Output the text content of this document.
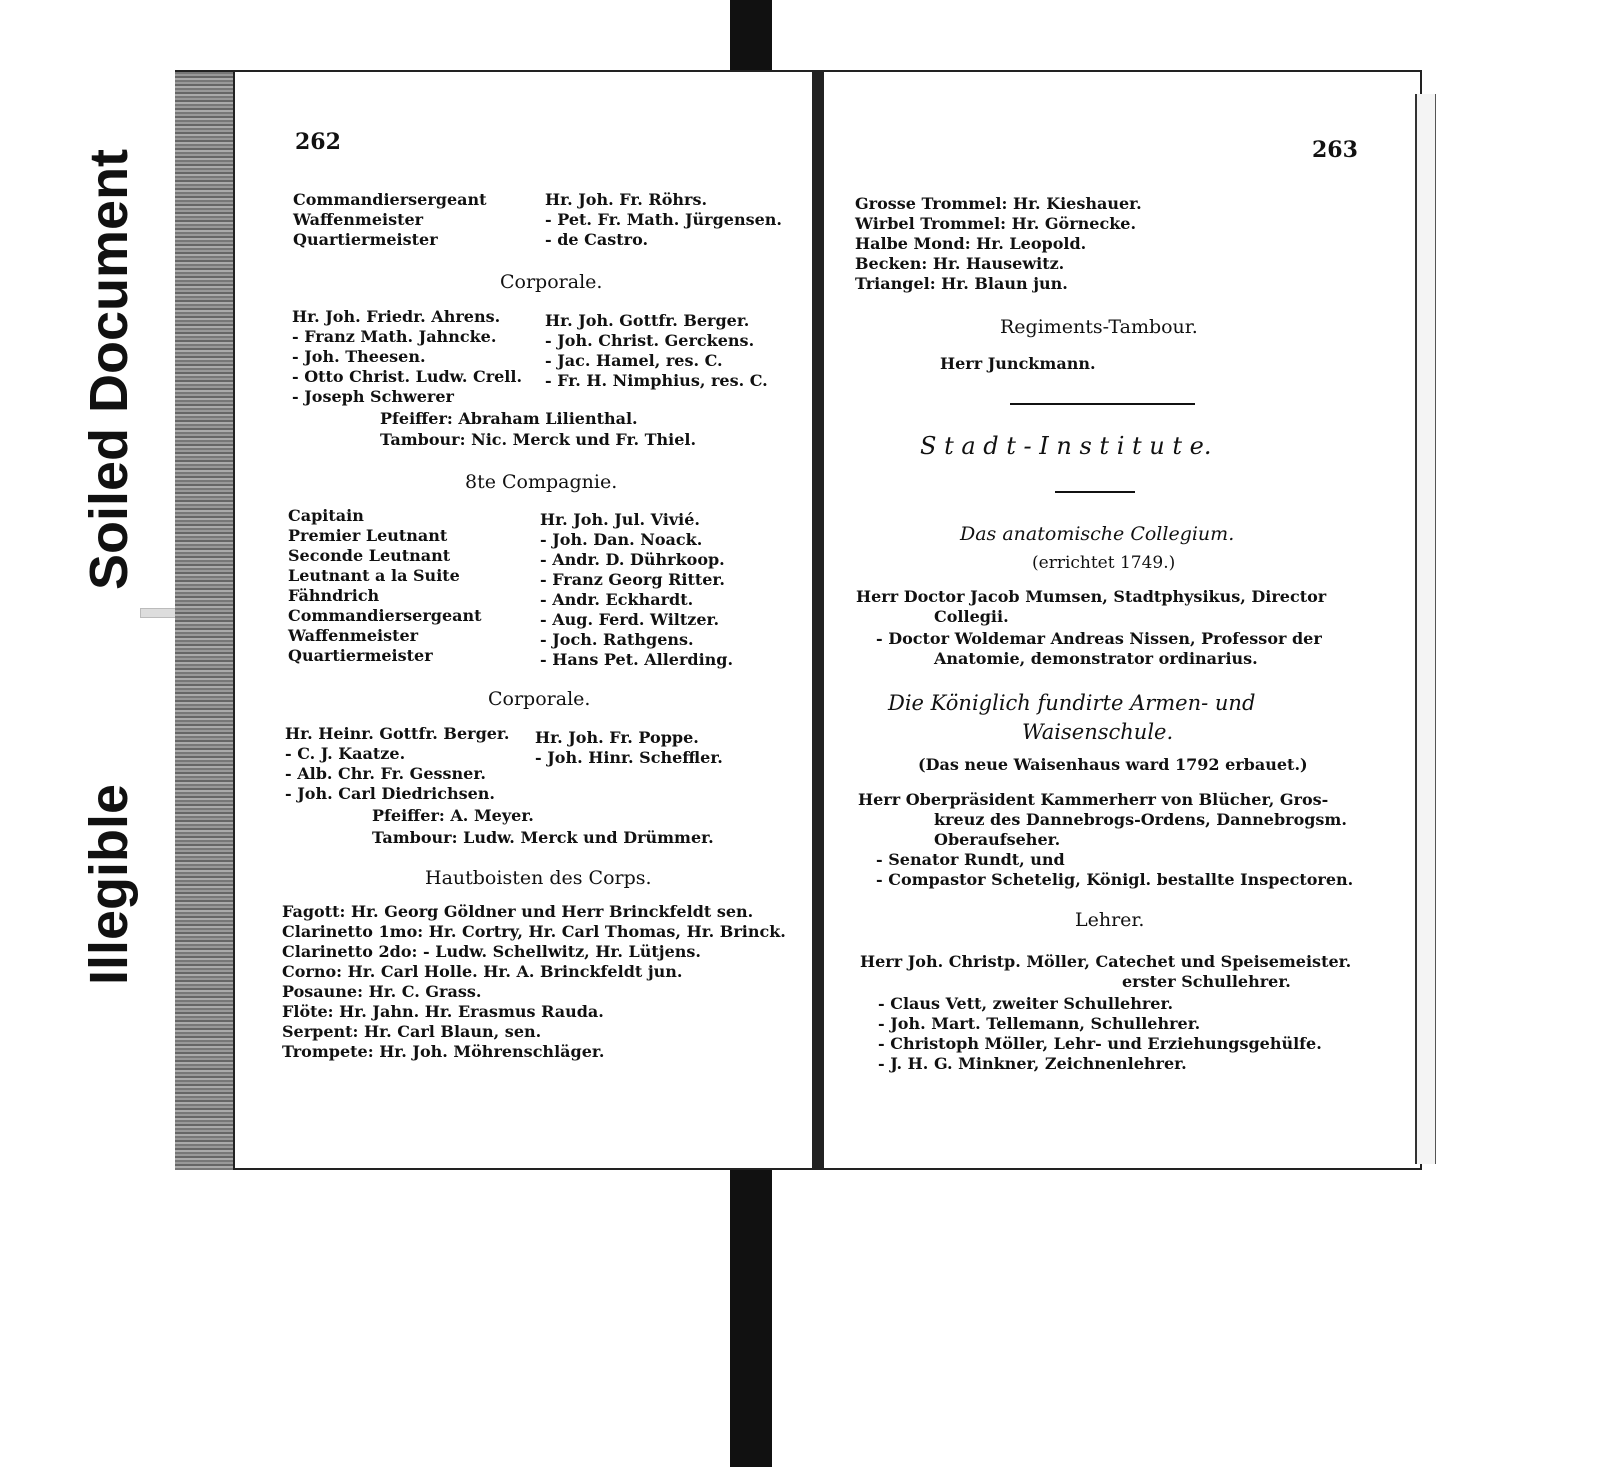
Illegible
Soiled Document
262
Commandiersergeant	Hr. Joh. Fr. Röhrs.
Waffenmeister	- Pet. Fr. Math. Jürgensen.
Quartiermeister	- de Castro.
Corporale.
Hr. Joh. Friedr. Ahrens.
- Franz Math. Jahncke.
- Joh. Theesen.
- Otto Christ. Ludw. Crell.
- Joseph Schwerer
Hr. Joh. Gottfr. Berger.
- Joh. Christ. Gerckens.
- Jac. Hamel, res. C.
- Fr. H. Nimphius, res. C.
Pfeiffer: Abraham Lilienthal.
Tambour: Nic. Merck und Fr. Thiel.
8te Compagnie.
Capitain	Hr. Joh. Jul. Vivié.
Premier Leutnant	- Joh. Dan. Noack.
Seconde Leutnant	- Andr. D. Dührkoop.
Leutnant a la Suite	- Franz Georg Ritter.
Fähndrich	- Andr. Eckhardt.
Commandiersergeant	- Aug. Ferd. Wiltzer.
Waffenmeister	- Joch. Rathgens.
Quartiermeister	- Hans Pet. Allerding.
Corporale.
Hr. Heinr. Gottfr. Berger.
- C. J. Kaatze.
- Alb. Chr. Fr. Gessner.
- Joh. Carl Diedrichsen.
Hr. Joh. Fr. Poppe.
- Joh. Hinr. Scheffler.
Pfeiffer: A. Meyer.
Tambour: Ludw. Merck und Drümmer.
Hautboisten des Corps.
Fagott: Hr. Georg Göldner und Herr Brinckfeldt sen.
Clarinetto 1mo: Hr. Cortry, Hr. Carl Thomas, Hr. Brinck.
Clarinetto 2do: - Ludw. Schellwitz, Hr. Lütjens.
Corno: Hr. Carl Holle. Hr. A. Brinckfeldt jun.
Posaune: Hr. C. Grass.
Flöte: Hr. Jahn. Hr. Erasmus Rauda.
Serpent: Hr. Carl Blaun, sen.
Trompete: Hr. Joh. Möhrenschläger.
263
Grosse Trommel: Hr. Kieshauer.
Wirbel Trommel: Hr. Görnecke.
Halbe Mond: Hr. Leopold.
Becken: Hr. Hausewitz.
Triangel: Hr. Blaun jun.
Regiments-Tambour.
Herr Junckmann.
S t a d t - I n s t i t u t e.
Das anatomische Collegium.
(errichtet 1749.)
Herr Doctor Jacob Mumsen, Stadtphysikus, Director
Collegii.
- Doctor Woldemar Andreas Nissen, Professor der
Anatomie, demonstrator ordinarius.
Die Königlich fundirte Armen- und
Waisenschule.
(Das neue Waisenhaus ward 1792 erbauet.)
Herr Oberpräsident Kammerherr von Blücher, Gros-
kreuz des Dannebrogs-Ordens, Dannebrogsm.
Oberaufseher.
- Senator Rundt, und
- Compastor Schetelig, Königl. bestallte Inspectoren.
Lehrer.
Herr Joh. Christp. Möller, Catechet und Speisemeister.
erster Schullehrer.
- Claus Vett, zweiter Schullehrer.
- Joh. Mart. Tellemann, Schullehrer.
- Christoph Möller, Lehr- und Erziehungsgehülfe.
- J. H. G. Minkner, Zeichnenlehrer.
